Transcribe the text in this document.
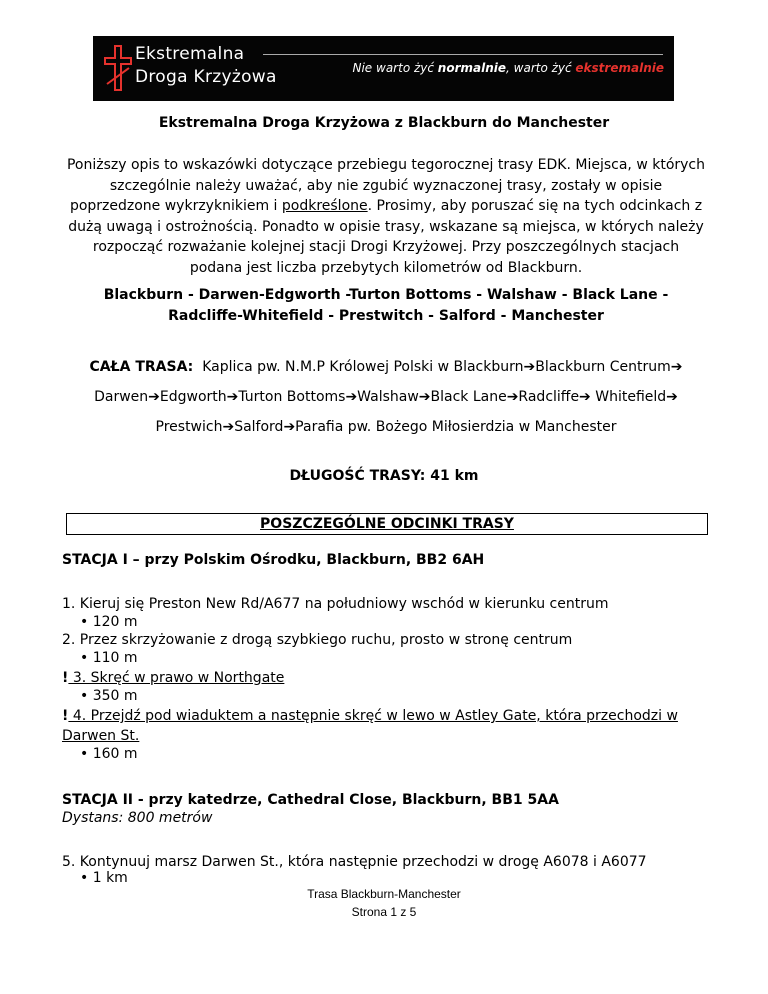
Ekstremalna
Droga Krzyżowa	Nie warto żyć normalnie, warto żyć ekstremalnie
Ekstremalna Droga Krzyżowa z Blackburn do Manchester
Poniższy opis to wskazówki dotyczące przebiegu tegorocznej trasy EDK. Miejsca, w których szczególnie należy uważać, aby nie zgubić wyznaczonej trasy, zostały w opisie poprzedzone wykrzyknikiem i podkreślone. Prosimy, aby poruszać się na tych odcinkach z dużą uwagą i ostrożnością. Ponadto w opisie trasy, wskazane są miejsca, w których należy rozpocząć rozważanie kolejnej stacji Drogi Krzyżowej. Przy poszczególnych stacjach podana jest liczba przebytych kilometrów od Blackburn.
Blackburn - Darwen-Edgworth -Turton Bottoms - Walshaw - Black Lane - Radcliffe-Whitefield - Prestwitch - Salford - Manchester
CAŁA TRASA: Kaplica pw. N.M.P Królowej Polski w Blackburn➔Blackburn Centrum➔
Darwen➔Edgworth➔Turton Bottoms➔Walshaw➔Black Lane➔Radcliffe➔ Whitefield➔
Prestwich➔Salford➔Parafia pw. Bożego Miłosierdzia w Manchester
DŁUGOŚĆ TRASY: 41 km
POSZCZEGÓLNE ODCINKI TRASY
STACJA I – przy Polskim Ośrodku, Blackburn, BB2 6AH
1. Kieruj się Preston New Rd/A677 na południowy wschód w kierunku centrum
• 120 m
2. Przez skrzyżowanie z drogą szybkiego ruchu, prosto w stronę centrum
• 110 m
! 3. Skręć w prawo w Northgate
• 350 m
! 4. Przejdź pod wiaduktem a następnie skręć w lewo w Astley Gate, która przechodzi w
Darwen St.
• 160 m
STACJA II - przy katedrze, Cathedral Close, Blackburn, BB1 5AA
Dystans: 800 metrów
5. Kontynuuj marsz Darwen St., która następnie przechodzi w drogę A6078 i A6077
• 1 km
Trasa Blackburn-Manchester
Strona 1 z 5
